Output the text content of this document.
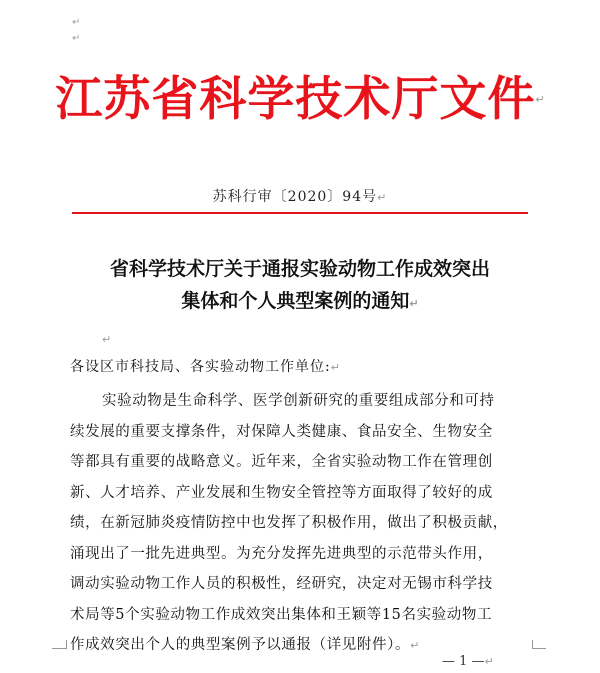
↵
↵
江苏省科学技术厅文件↵
苏科行审〔2020〕94号↵
省科学技术厅关于通报实验动物工作成效突出
集体和个人典型案例的通知↵
↵
各设区市科技局、各实验动物工作单位:↵
实验动物是生命科学、医学创新研究的重要组成部分和可持
续发展的重要支撑条件，对保障人类健康、食品安全、生物安全
等都具有重要的战略意义。近年来，全省实验动物工作在管理创
新、人才培养、产业发展和生物安全管控等方面取得了较好的成
绩，在新冠肺炎疫情防控中也发挥了积极作用，做出了积极贡献，
涌现出了一批先进典型。为充分发挥先进典型的示范带头作用，
调动实验动物工作人员的积极性，经研究，决定对无锡市科学技
术局等5个实验动物工作成效突出集体和王颖等15名实验动物工
作成效突出个人的典型案例予以通报（详见附件）。↵
— 1 —↵
